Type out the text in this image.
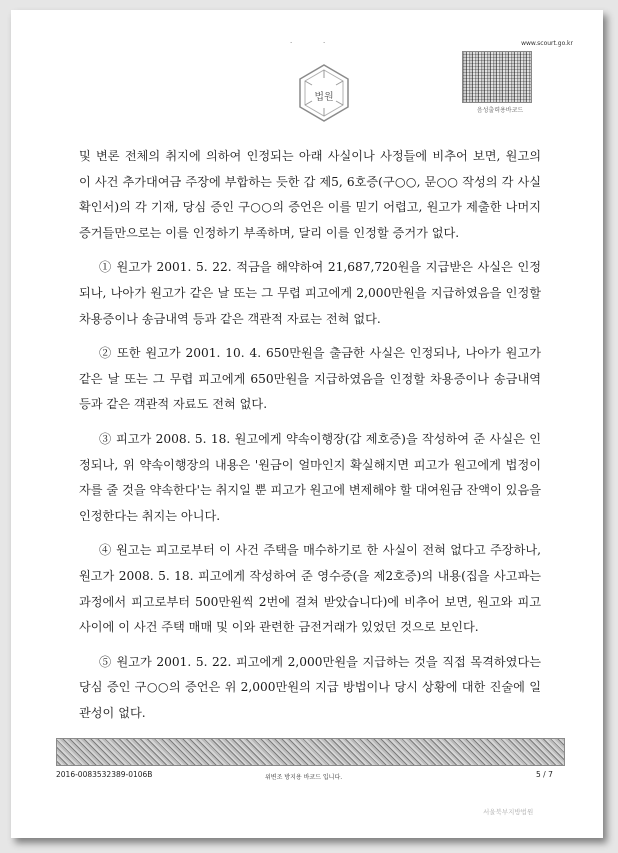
·	·
법원
www.scourt.go.kr
음성출력용바코드

및 변론 전체의 취지에 의하여 인정되는 아래 사실이나 사정들에 비추어 보면, 원고의 이 사건 추가대여금 주장에 부합하는 듯한 갑 제5, 6호증(구○○, 문○○ 작성의 각 사실확인서)의 각 기재, 당심 증인 구○○의 증언은 이를 믿기 어렵고, 원고가 제출한 나머지 증거들만으로는 이를 인정하기 부족하며, 달리 이를 인정할 증거가 없다.

① 원고가 2001. 5. 22. 적금을 해약하여 21,687,720원을 지급받은 사실은 인정되나, 나아가 원고가 같은 날 또는 그 무렵 피고에게 2,000만원을 지급하였음을 인정할 차용증이나 송금내역 등과 같은 객관적 자료는 전혀 없다.

② 또한 원고가 2001. 10. 4. 650만원을 출금한 사실은 인정되나, 나아가 원고가 같은 날 또는 그 무렵 피고에게 650만원을 지급하였음을 인정할 차용증이나 송금내역 등과 같은 객관적 자료도 전혀 없다.

③ 피고가 2008. 5. 18. 원고에게 약속이행장(갑 제호증)을 작성하여 준 사실은 인정되나, 위 약속이행장의 내용은 '원금이 얼마인지 확실해지면 피고가 원고에게 법정이자를 줄 것을 약속한다'는 취지일 뿐 피고가 원고에 변제해야 할 대여원금 잔액이 있음을 인정한다는 취지는 아니다.

④ 원고는 피고로부터 이 사건 주택을 매수하기로 한 사실이 전혀 없다고 주장하나, 원고가 2008. 5. 18. 피고에게 작성하여 준 영수증(을 제2호증)의 내용(집을 사고파는 과정에서 피고로부터 500만원씩 2번에 걸쳐 받았습니다)에 비추어 보면, 원고와 피고 사이에 이 사건 주택 매매 및 이와 관련한 금전거래가 있었던 것으로 보인다.

⑤ 원고가 2001. 5. 22. 피고에게 2,000만원을 지급하는 것을 직접 목격하였다는 당심 증인 구○○의 증언은 위 2,000만원의 지급 방법이나 당시 상황에 대한 진술에 일관성이 없다.

2016-0083532389-0106B	위변조 방지용 바코드 입니다.	5 / 7
서울북부지방법원
